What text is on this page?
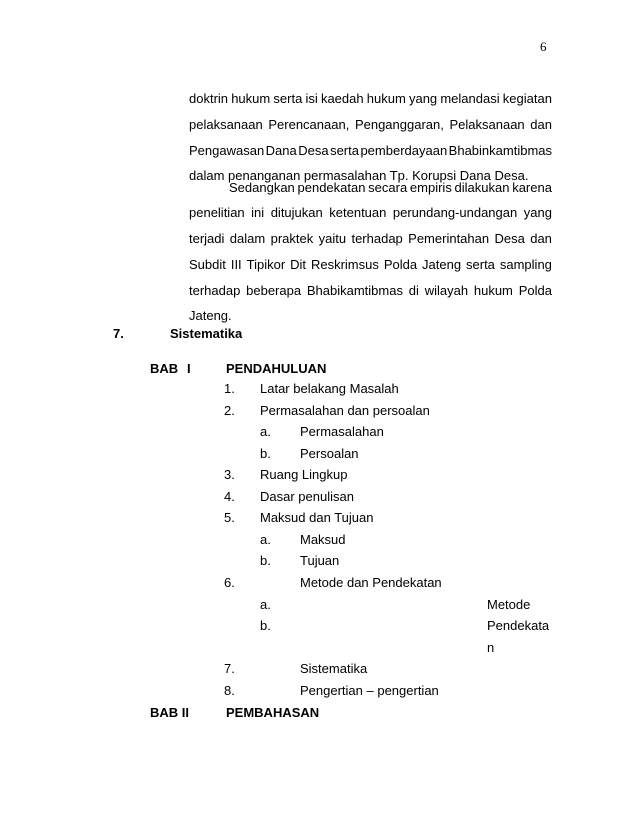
6
doktrin hukum serta isi kaedah hukum yang melandasi kegiatan
pelaksanaan Perencanaan, Penganggaran, Pelaksanaan dan
Pengawasan Dana Desa serta pemberdayaan Bhabinkamtibmas
dalam penanganan permasalahan Tp. Korupsi Dana Desa.
Sedangkan pendekatan secara empiris dilakukan karena
penelitian ini ditujukan ketentuan perundang-undangan yang
terjadi dalam praktek yaitu terhadap Pemerintahan Desa dan
Subdit III Tipikor Dit Reskrimsus Polda Jateng serta sampling
terhadap beberapa Bhabikamtibmas di wilayah hukum Polda
Jateng.
7.	Sistematika
BAB I	PENDAHULUAN
1. Latar belakang Masalah
2. Permasalahan dan persoalan
a. Permasalahan
b. Persoalan
3. Ruang Lingkup
4. Dasar penulisan
5. Maksud dan Tujuan
a. Maksud
b. Tujuan
6.	Metode dan Pendekatan
a.	Metode
b.	Pendekata
n
7.	Sistematika
8.	Pengertian – pengertian
BAB II	PEMBAHASAN
